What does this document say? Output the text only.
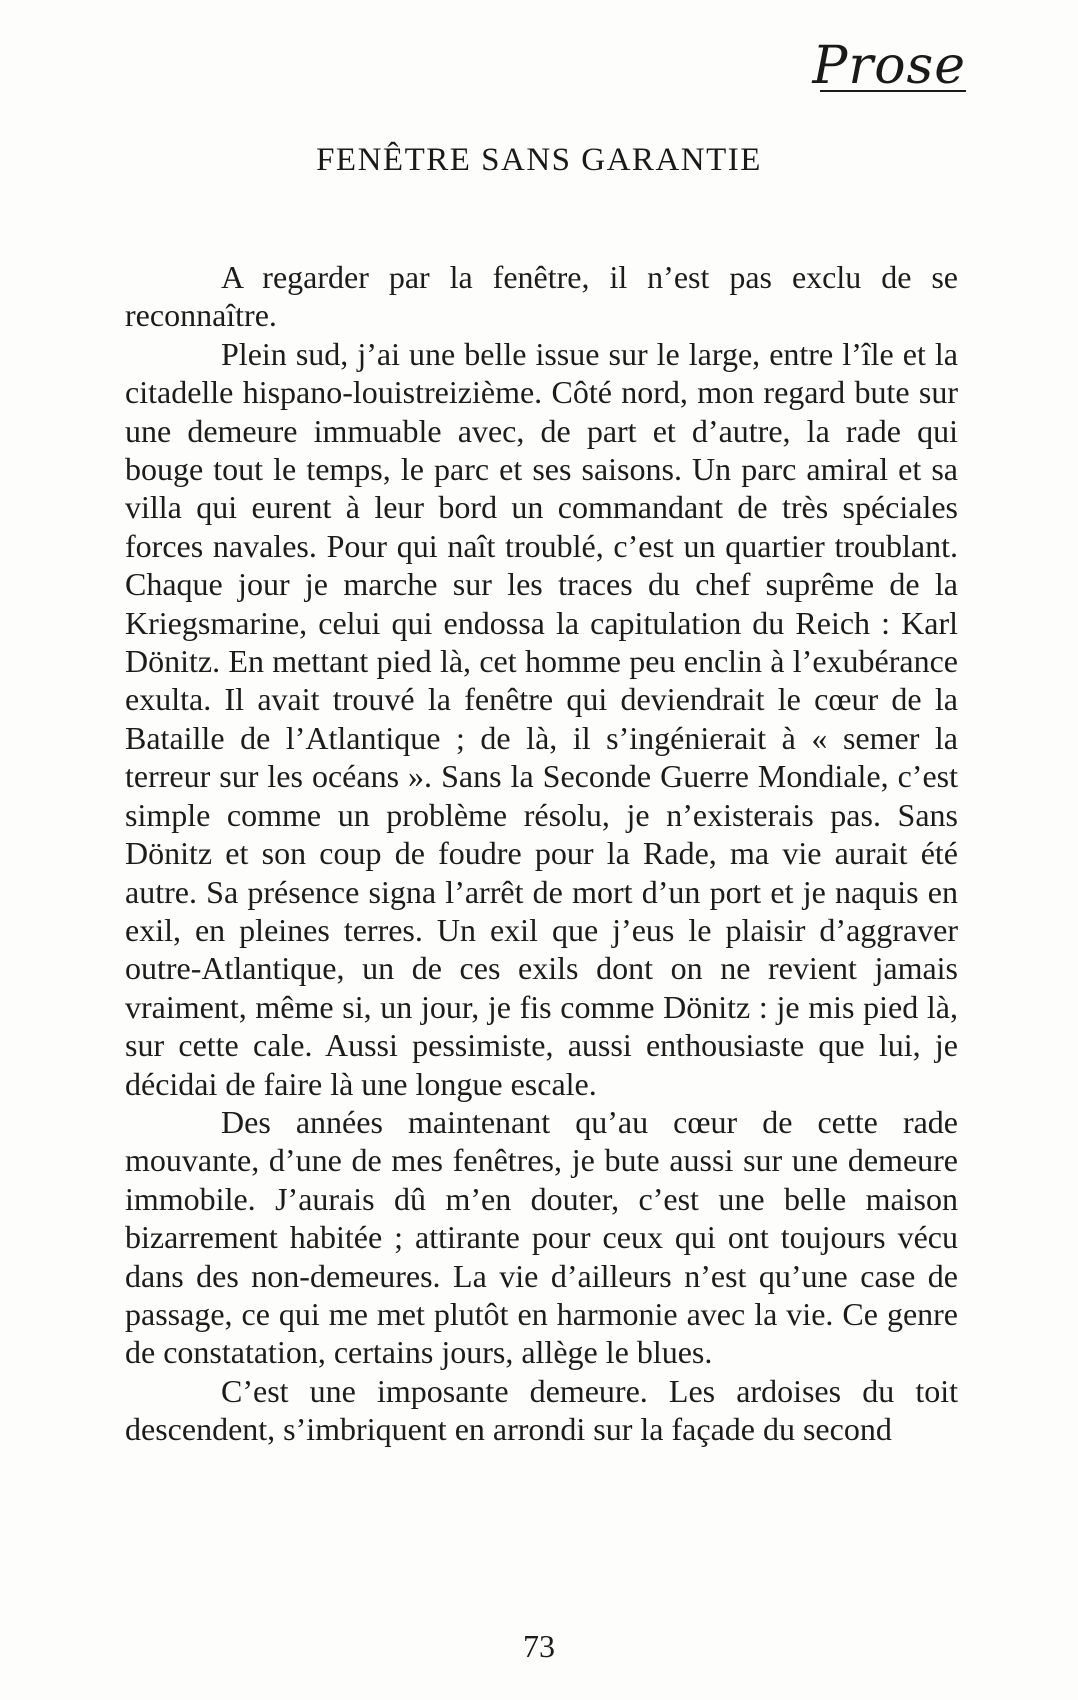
Prose
FENÊTRE SANS GARANTIE

A regarder par la fenêtre, il n’est pas exclu de se reconnaître.

Plein sud, j’ai une belle issue sur le large, entre l’île et la citadelle hispano-louistreizième. Côté nord, mon regard bute sur une demeure immuable avec, de part et d’autre, la rade qui bouge tout le temps, le parc et ses saisons. Un parc amiral et sa villa qui eurent à leur bord un commandant de très spéciales forces navales. Pour qui naît troublé, c’est un quartier troublant. Chaque jour je marche sur les traces du chef suprême de la Kriegsmarine, celui qui endossa la capitulation du Reich : Karl Dönitz. En mettant pied là, cet homme peu enclin à l’exubérance exulta. Il avait trouvé la fenêtre qui deviendrait le cœur de la Bataille de l’Atlantique ; de là, il s’ingénierait à « semer la terreur sur les océans ». Sans la Seconde Guerre Mondiale, c’est simple comme un problème résolu, je n’existerais pas. Sans Dönitz et son coup de foudre pour la Rade, ma vie aurait été autre. Sa présence signa l’arrêt de mort d’un port et je naquis en exil, en pleines terres. Un exil que j’eus le plaisir d’aggraver outre-Atlantique, un de ces exils dont on ne revient jamais vraiment, même si, un jour, je fis comme Dönitz : je mis pied là, sur cette cale. Aussi pessimiste, aussi enthousiaste que lui, je décidai de faire là une longue escale.

Des années maintenant qu’au cœur de cette rade mouvante, d’une de mes fenêtres, je bute aussi sur une demeure immobile. J’aurais dû m’en douter, c’est une belle maison bizarrement habitée ; attirante pour ceux qui ont toujours vécu dans des non-demeures. La vie d’ailleurs n’est qu’une case de passage, ce qui me met plutôt en harmonie avec la vie. Ce genre de constatation, certains jours, allège le blues.

C’est une imposante demeure. Les ardoises du toit descendent, s’imbriquent en arrondi sur la façade du second

73
